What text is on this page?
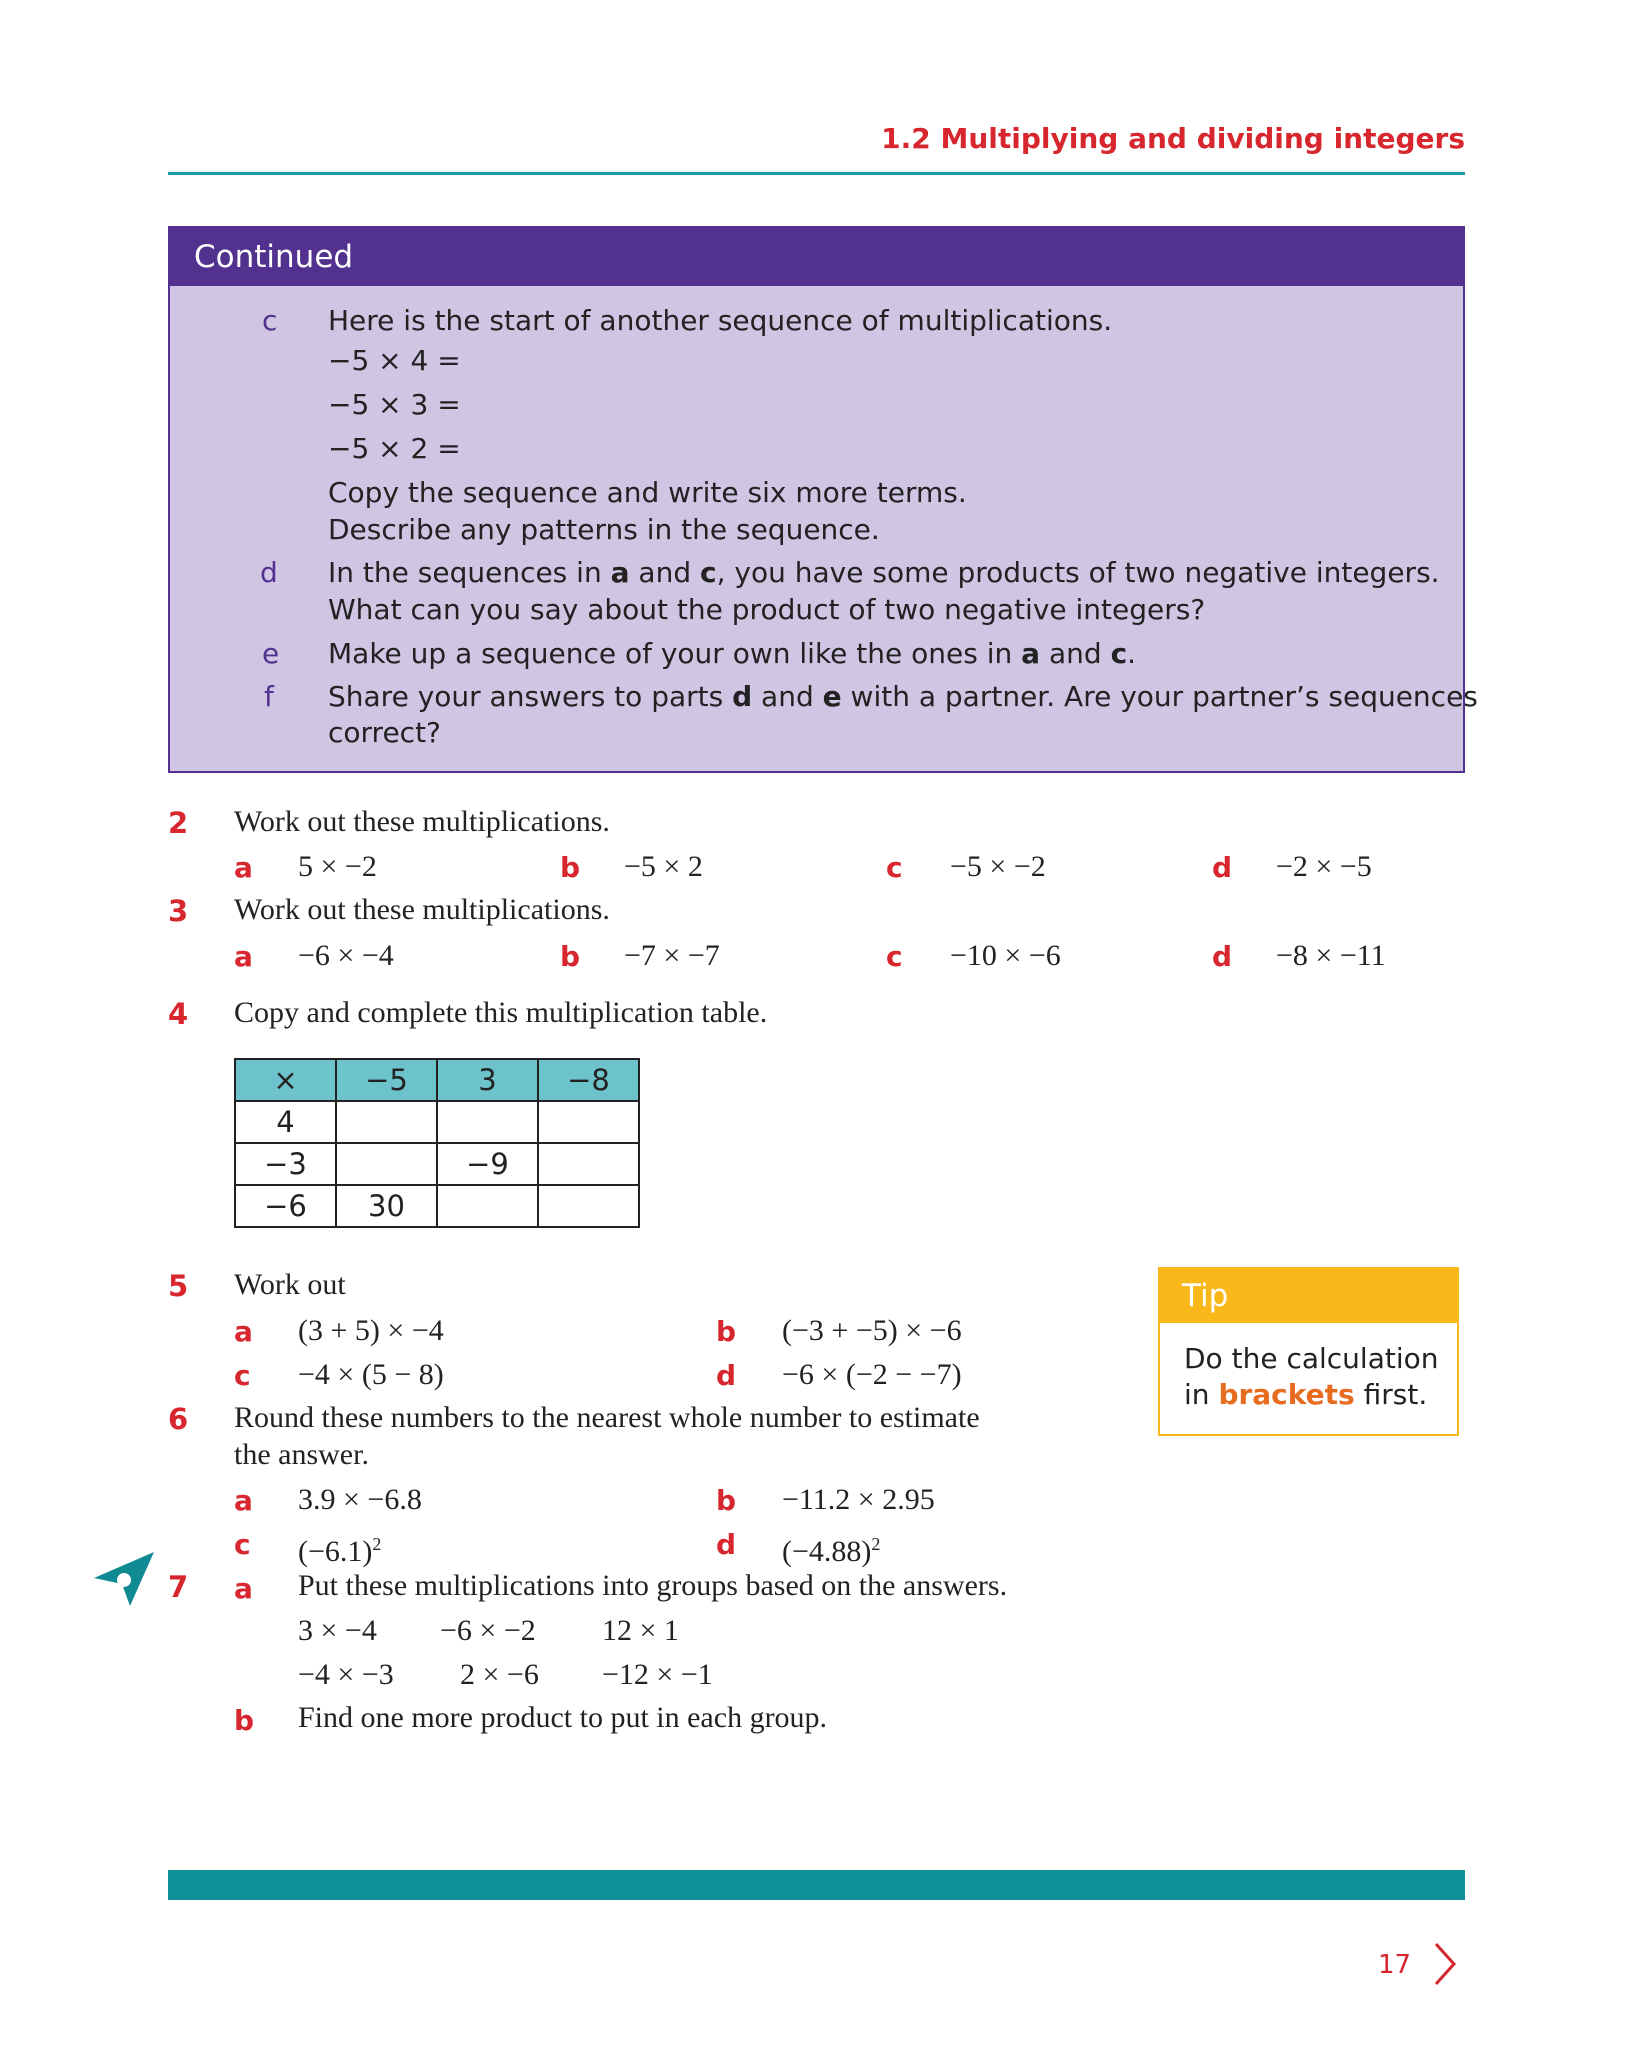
1.2 Multiplying and dividing integers
Continued
c Here is the start of another sequence of multiplications.
−5 × 4 =
−5 × 3 =
−5 × 2 =
Copy the sequence and write six more terms.
Describe any patterns in the sequence.
d In the sequences in a and c, you have some products of two negative integers.
What can you say about the product of two negative integers?
e Make up a sequence of your own like the ones in a and c.
f Share your answers to parts d and e with a partner. Are your partner’s sequences
correct?
2 Work out these multiplications.
a 5 × −2	b −5 × 2	c −5 × −2	d −2 × −5
3 Work out these multiplications.
a −6 × −4	b −7 × −7	c −10 × −6	d −8 × −11
4 Copy and complete this multiplication table.
×	−5	3	−8
4			
−3		−9	
−6	30		
5 Work out
a (3 + 5) × −4	b (−3 + −5) × −6
c −4 × (5 − 8)	d −6 × (−2 − −7)
Tip
Do the calculation in brackets first.
6 Round these numbers to the nearest whole number to estimate
the answer.
a 3.9 × −6.8	b −11.2 × 2.95
c $(-6.1)^2$	d $(-4.88)^2$
7 a Put these multiplications into groups based on the answers.
3 × −4 −6 × −2 12 × 1
−4 × −3 2 × −6 −12 × −1
b Find one more product to put in each group.
17
